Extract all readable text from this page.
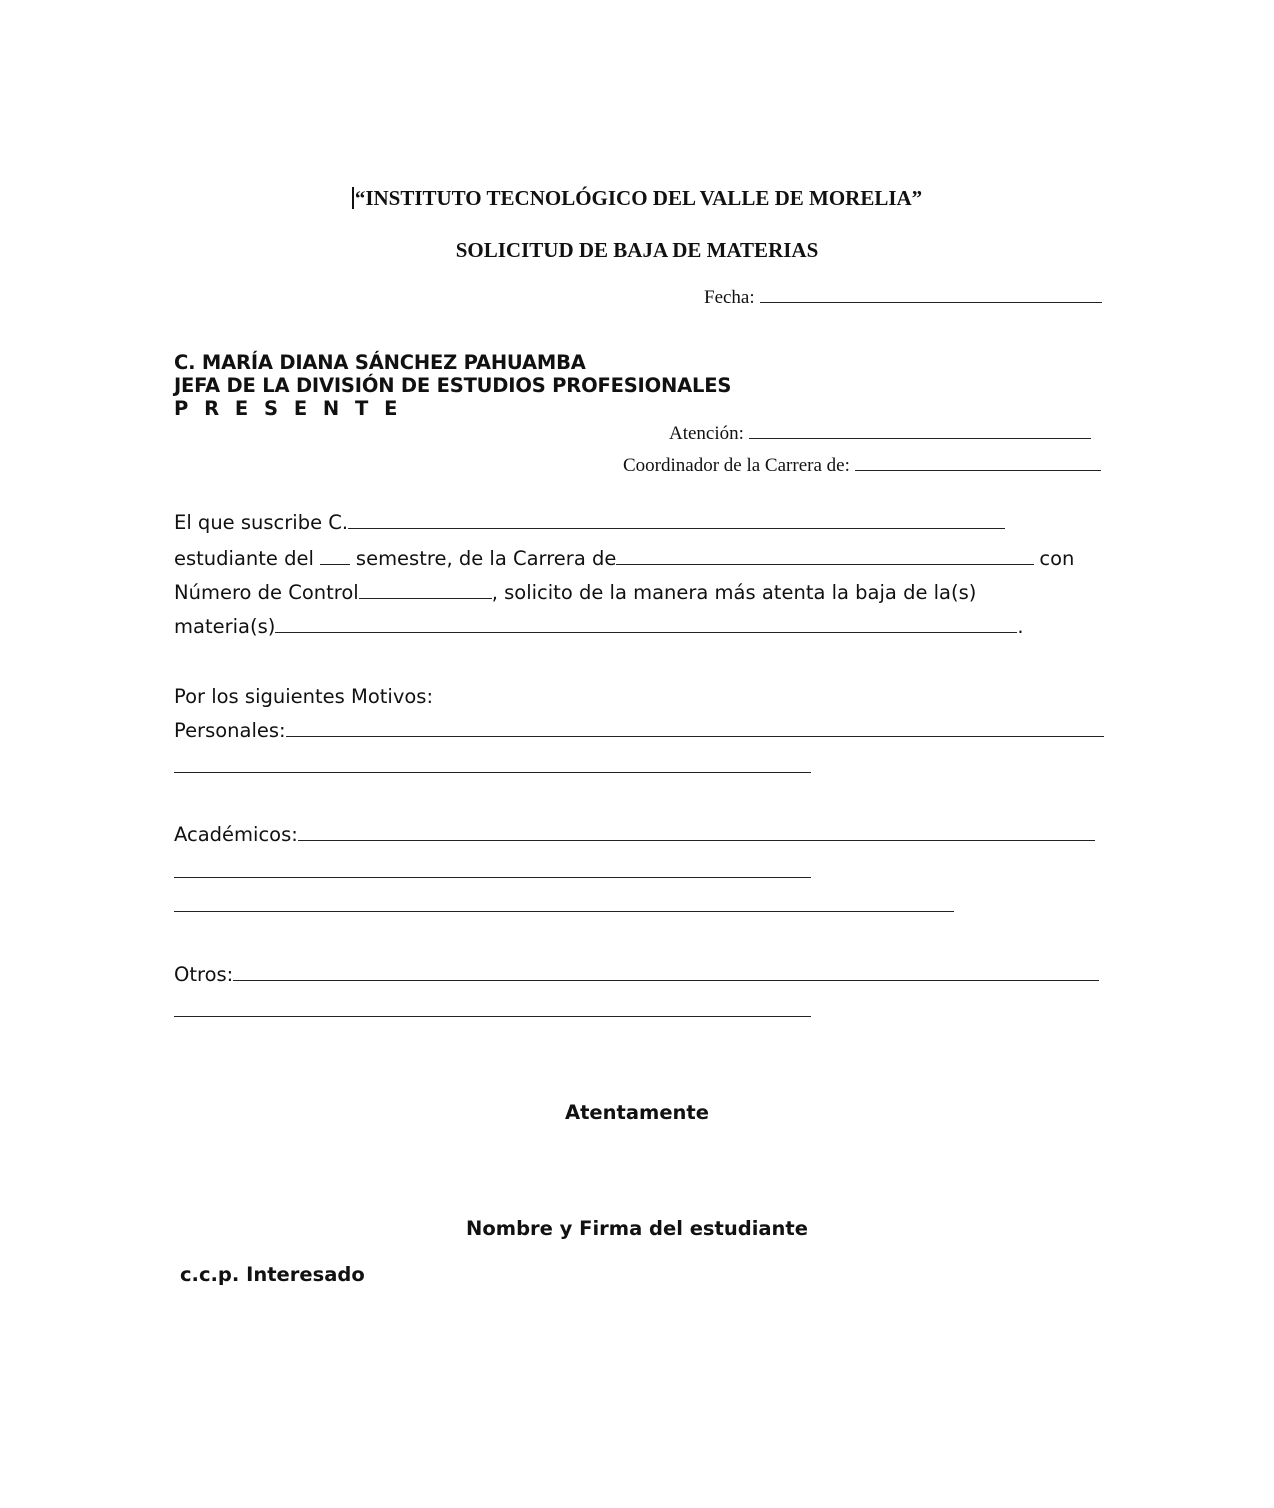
“INSTITUTO TECNOLÓGICO DEL VALLE DE MORELIA”
SOLICITUD DE BAJA DE MATERIAS
Fecha:
C. MARÍA DIANA SÁNCHEZ PAHUAMBA
JEFA DE LA DIVISIÓN DE ESTUDIOS PROFESIONALES
P R E S E N T E
Atención:
Coordinador de la Carrera de:
El que suscribe C.
estudiante del semestre, de la Carrera de	con
Número de Control	, solicito de la manera más atenta la baja de la(s)
materia(s)	.
Por los siguientes Motivos:
Personales:
Académicos:
Otros:
Atentamente
Nombre y Firma del estudiante
c.c.p. Interesado
